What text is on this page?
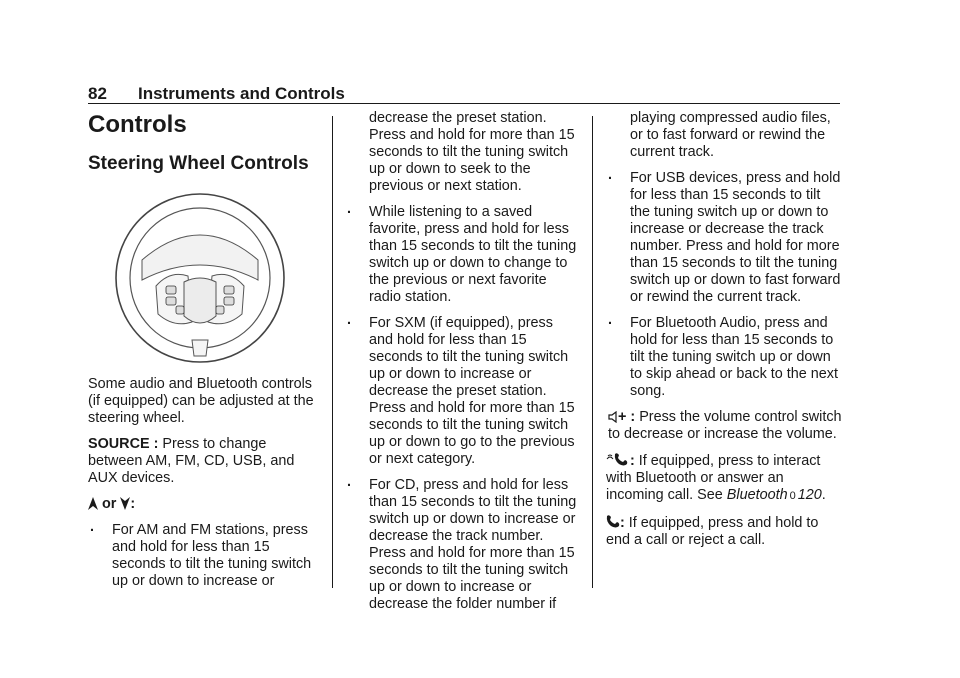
82 Instruments and Controls
Controls
Steering Wheel Controls

Some audio and Bluetooth controls (if equipped) can be adjusted at the steering wheel.

SOURCE : Press to change between AM, FM, CD, USB, and AUX devices.

or :

. For AM and FM stations, press and hold for less than 15 seconds to tilt the tuning switch up or down to increase or

decrease the preset station. Press and hold for more than 15 seconds to tilt the tuning switch up or down to seek to the previous or next station.

. While listening to a saved favorite, press and hold for less than 15 seconds to tilt the tuning switch up or down to change to the previous or next favorite radio station.
. For SXM (if equipped), press and hold for less than 15 seconds to tilt the tuning switch up or down to increase or decrease the preset station. Press and hold for more than 15 seconds to tilt the tuning switch up or down to go to the previous or next category.
. For CD, press and hold for less than 15 seconds to tilt the tuning switch up or down to increase or decrease the track number. Press and hold for more than 15 seconds to tilt the tuning switch up or down to increase or decrease the folder number if

playing compressed audio files, or to fast forward or rewind the current track.

. For USB devices, press and hold for less than 15 seconds to tilt the tuning switch up or down to increase or decrease the track number. Press and hold for more than 15 seconds to tilt the tuning switch up or down to fast forward or rewind the current track.
. For Bluetooth Audio, press and hold for less than 15 seconds to tilt the tuning switch up or down to skip ahead or back to the next song.

+ : Press the volume control switch to decrease or increase the volume.

: If equipped, press to interact with Bluetooth or answer an incoming call. See Bluetooth 0 120.

: If equipped, press and hold to end a call or reject a call.
